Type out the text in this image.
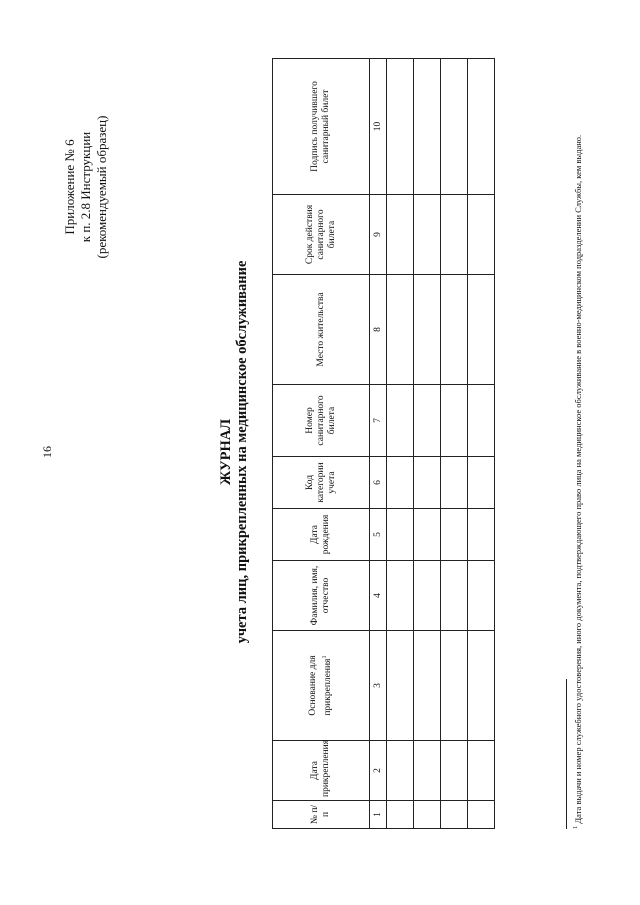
16
Приложение № 6 к п. 2.8 Инструкции (рекомендуемый образец)
ЖУРНАЛ учета лиц, прикрепленных на медицинское обслуживание
№ п/п	Дата прикрепления	Основание для прикрепления$^1$	Фамилия, имя, отчество	Дата рождения	Код категории учета	Номер санитарного билета	Место жительства	Срок действия санитарного билета	Подпись получившего санитарный билет
1	2	3	4	5	6	7	8	9	10

$^1$ Дата выдачи и номер служебного удостоверения, иного документа, подтверждающего право лица на медицинское обслуживание в военно-медицинском подразделении Службы, кем выдано.
